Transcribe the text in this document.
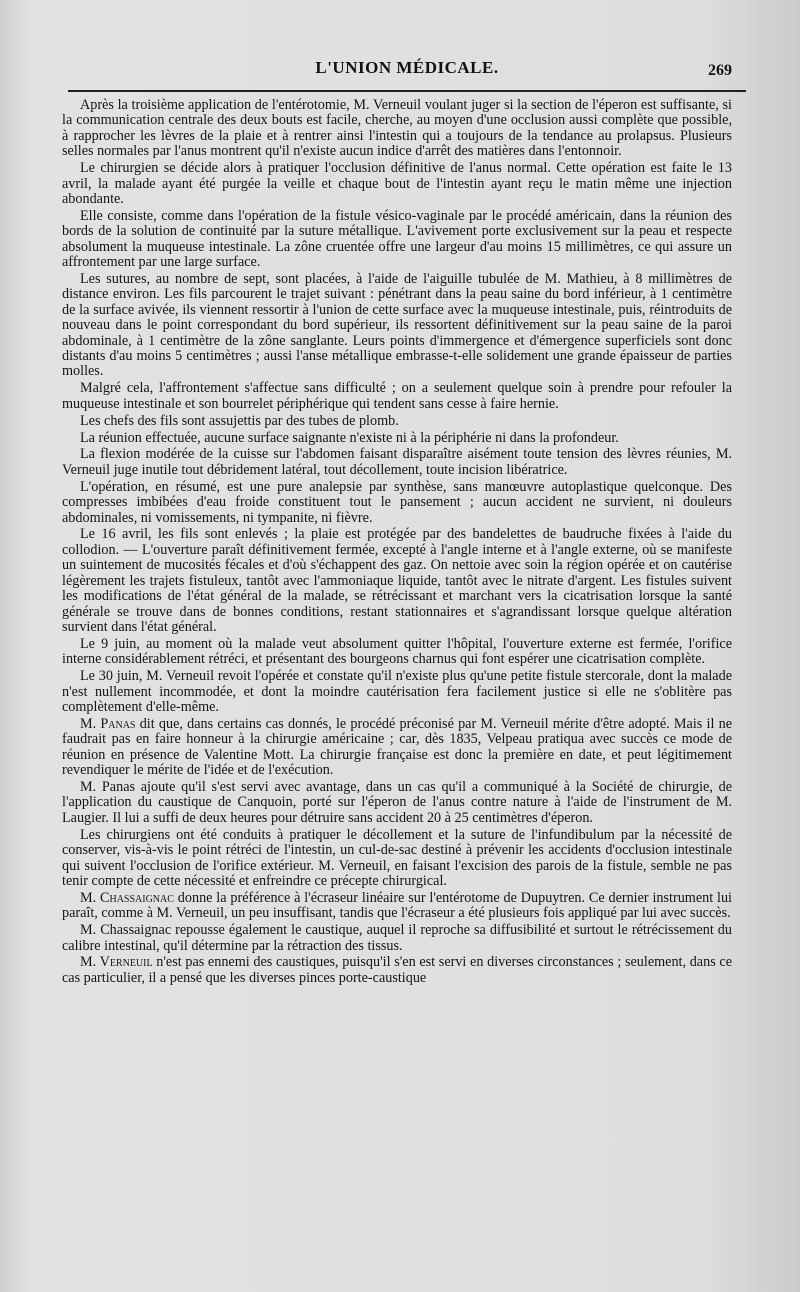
L'UNION MÉDICALE.	269

Après la troisième application de l'entérotomie, M. Verneuil voulant juger si la section de l'éperon est suffisante, si la communication centrale des deux bouts est facile, cherche, au moyen d'une occlusion aussi complète que possible, à rapprocher les lèvres de la plaie et à rentrer ainsi l'intestin qui a toujours de la tendance au prolapsus. Plusieurs selles normales par l'anus montrent qu'il n'existe aucun indice d'arrêt des matières dans l'entonnoir.

Le chirurgien se décide alors à pratiquer l'occlusion définitive de l'anus normal. Cette opération est faite le 13 avril, la malade ayant été purgée la veille et chaque bout de l'intestin ayant reçu le matin même une injection abondante.

Elle consiste, comme dans l'opération de la fistule vésico-vaginale par le procédé américain, dans la réunion des bords de la solution de continuité par la suture métallique. L'avivement porte exclusivement sur la peau et respecte absolument la muqueuse intestinale. La zône cruentée offre une largeur d'au moins 15 millimètres, ce qui assure un affrontement par une large surface.

Les sutures, au nombre de sept, sont placées, à l'aide de l'aiguille tubulée de M. Mathieu, à 8 millimètres de distance environ. Les fils parcourent le trajet suivant : pénétrant dans la peau saine du bord inférieur, à 1 centimètre de la surface avivée, ils viennent ressortir à l'union de cette surface avec la muqueuse intestinale, puis, réintroduits de nouveau dans le point correspondant du bord supérieur, ils ressortent définitivement sur la peau saine de la paroi abdominale, à 1 centimètre de la zône sanglante. Leurs points d'immergence et d'émergence superficiels sont donc distants d'au moins 5 centimètres ; aussi l'anse métallique embrasse-t-elle solidement une grande épaisseur de parties molles.

Malgré cela, l'affrontement s'affectue sans difficulté ; on a seulement quelque soin à prendre pour refouler la muqueuse intestinale et son bourrelet périphérique qui tendent sans cesse à faire hernie.

Les chefs des fils sont assujettis par des tubes de plomb.

La réunion effectuée, aucune surface saignante n'existe ni à la périphérie ni dans la profondeur.

La flexion modérée de la cuisse sur l'abdomen faisant disparaître aisément toute tension des lèvres réunies, M. Verneuil juge inutile tout débridement latéral, tout décollement, toute incision libératrice.

L'opération, en résumé, est une pure analepsie par synthèse, sans manœuvre autoplastique quelconque. Des compresses imbibées d'eau froide constituent tout le pansement ; aucun accident ne survient, ni douleurs abdominales, ni vomissements, ni tympanite, ni fièvre.

Le 16 avril, les fils sont enlevés ; la plaie est protégée par des bandelettes de baudruche fixées à l'aide du collodion. — L'ouverture paraît définitivement fermée, excepté à l'angle interne et à l'angle externe, où se manifeste un suintement de mucosités fécales et d'où s'échappent des gaz. On nettoie avec soin la région opérée et on cautérise légèrement les trajets fistuleux, tantôt avec l'ammoniaque liquide, tantôt avec le nitrate d'argent. Les fistules suivent les modifications de l'état général de la malade, se rétrécissant et marchant vers la cicatrisation lorsque la santé générale se trouve dans de bonnes conditions, restant stationnaires et s'agrandissant lorsque quelque altération survient dans l'état général.

Le 9 juin, au moment où la malade veut absolument quitter l'hôpital, l'ouverture externe est fermée, l'orifice interne considérablement rétréci, et présentant des bourgeons charnus qui font espérer une cicatrisation complète.

Le 30 juin, M. Verneuil revoit l'opérée et constate qu'il n'existe plus qu'une petite fistule stercorale, dont la malade n'est nullement incommodée, et dont la moindre cautérisation fera facilement justice si elle ne s'oblitère pas complètement d'elle-même.

M. Panas dit que, dans certains cas donnés, le procédé préconisé par M. Verneuil mérite d'être adopté. Mais il ne faudrait pas en faire honneur à la chirurgie américaine ; car, dès 1835, Velpeau pratiqua avec succès ce mode de réunion en présence de Valentine Mott. La chirurgie française est donc la première en date, et peut légitimement revendiquer le mérite de l'idée et de l'exécution.

M. Panas ajoute qu'il s'est servi avec avantage, dans un cas qu'il a communiqué à la Société de chirurgie, de l'application du caustique de Canquoin, porté sur l'éperon de l'anus contre nature à l'aide de l'instrument de M. Laugier. Il lui a suffi de deux heures pour détruire sans accident 20 à 25 centimètres d'éperon.

Les chirurgiens ont été conduits à pratiquer le décollement et la suture de l'infundibulum par la nécessité de conserver, vis-à-vis le point rétréci de l'intestin, un cul-de-sac destiné à prévenir les accidents d'occlusion intestinale qui suivent l'occlusion de l'orifice extérieur. M. Verneuil, en faisant l'excision des parois de la fistule, semble ne pas tenir compte de cette nécessité et enfreindre ce précepte chirurgical.

M. Chassaignac donne la préférence à l'écraseur linéaire sur l'entérotome de Dupuytren. Ce dernier instrument lui paraît, comme à M. Verneuil, un peu insuffisant, tandis que l'écraseur a été plusieurs fois appliqué par lui avec succès.

M. Chassaignac repousse également le caustique, auquel il reproche sa diffusibilité et surtout le rétrécissement du calibre intestinal, qu'il détermine par la rétraction des tissus.

M. Verneuil n'est pas ennemi des caustiques, puisqu'il s'en est servi en diverses circonstances ; seulement, dans ce cas particulier, il a pensé que les diverses pinces porte-caustique
